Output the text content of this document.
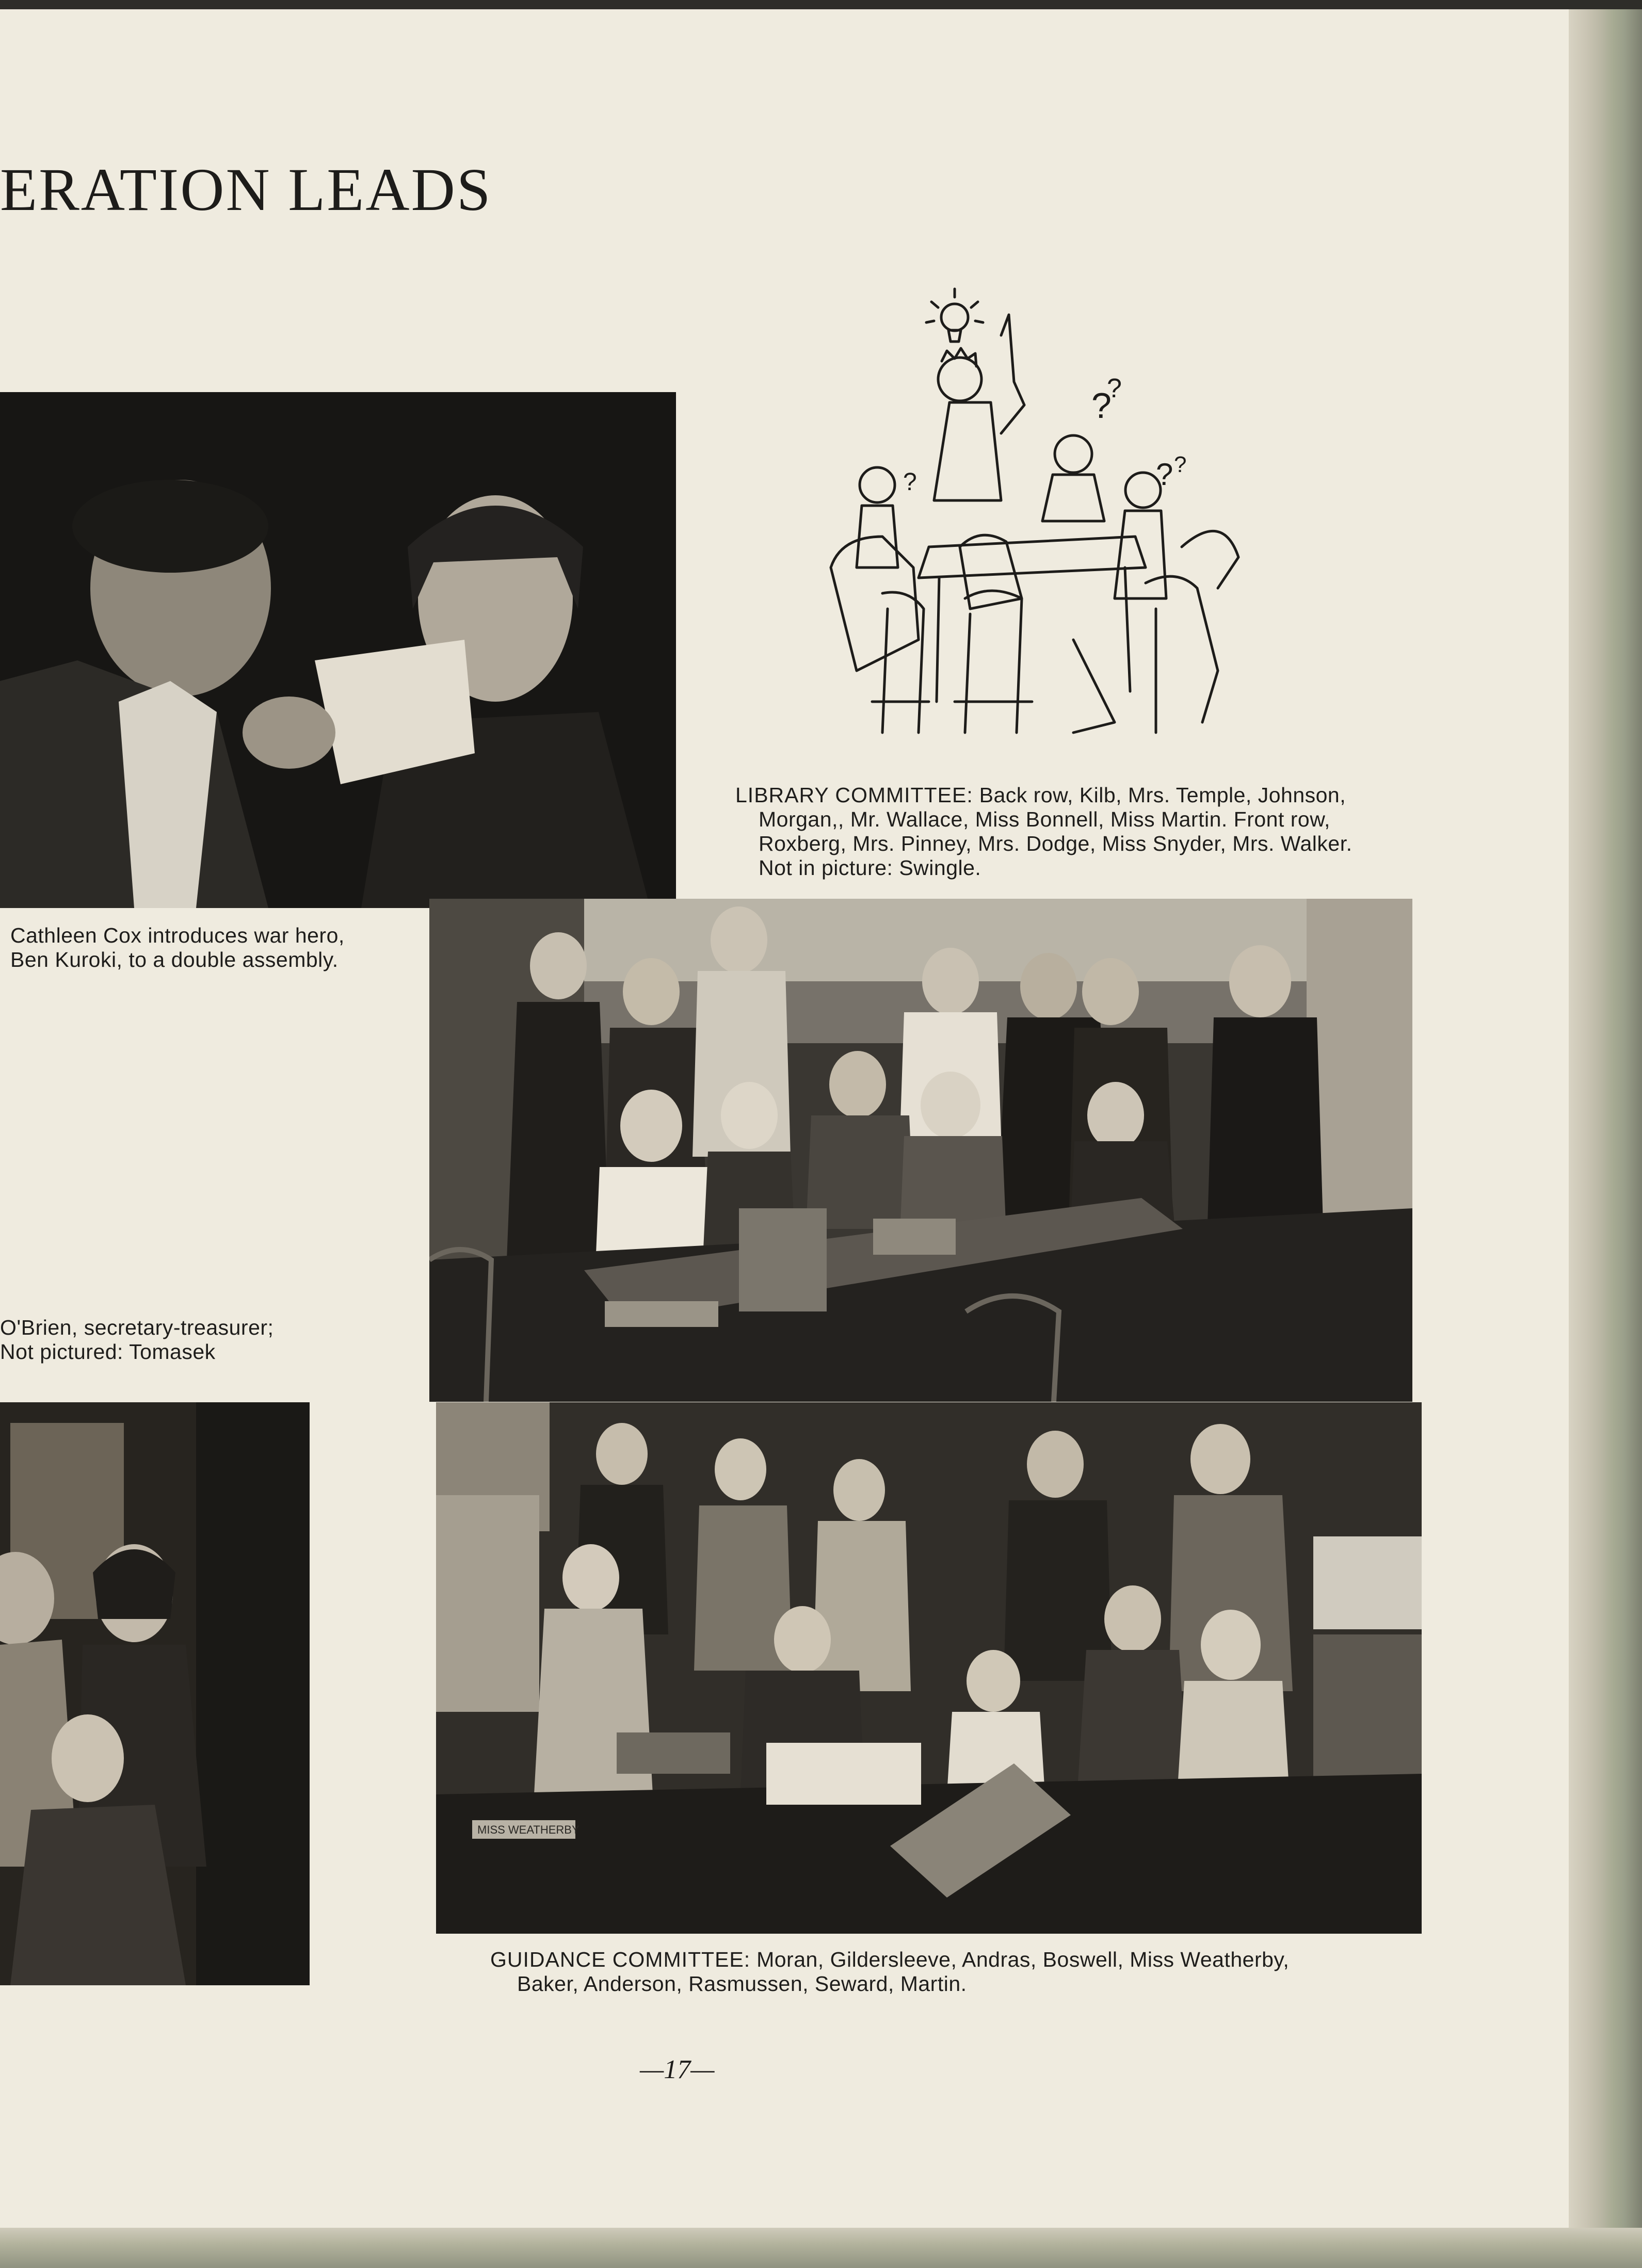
ERATION LEADS
Cathleen Cox introduces war hero,
Ben Kuroki, to a double assembly.
O'Brien, secretary-treasurer;
Not pictured: Tomasek
?
?
? ?
?
LIBRARY COMMITTEE: Back row, Kilb, Mrs. Temple, Johnson,
Morgan,, Mr. Wallace, Miss Bonnell, Miss Martin. Front row,
Roxberg, Mrs. Pinney, Mrs. Dodge, Miss Snyder, Mrs. Walker.
Not in picture: Swingle.
MISS WEATHERBY
GUIDANCE COMMITTEE: Moran, Gildersleeve, Andras, Boswell, Miss Weatherby,
Baker, Anderson, Rasmussen, Seward, Martin.
—17—
